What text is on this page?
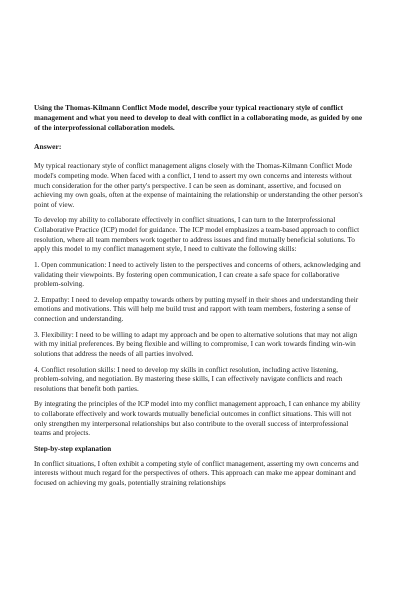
Using the Thomas-Kilmann Conflict Mode model, describe your typical reactionary style of conflict management and what you need to develop to deal with conflict in a collaborating mode, as guided by one of the interprofessional collaboration models.
Answer:

My typical reactionary style of conflict management aligns closely with the Thomas-Kilmann Conflict Mode model's competing mode. When faced with a conflict, I tend to assert my own concerns and interests without much consideration for the other party's perspective. I can be seen as dominant, assertive, and focused on achieving my own goals, often at the expense of maintaining the relationship or understanding the other person's point of view.

To develop my ability to collaborate effectively in conflict situations, I can turn to the Interprofessional Collaborative Practice (ICP) model for guidance. The ICP model emphasizes a team-based approach to conflict resolution, where all team members work together to address issues and find mutually beneficial solutions. To apply this model to my conflict management style, I need to cultivate the following skills:

1. Open communication: I need to actively listen to the perspectives and concerns of others, acknowledging and validating their viewpoints. By fostering open communication, I can create a safe space for collaborative problem-solving.

2. Empathy: I need to develop empathy towards others by putting myself in their shoes and understanding their emotions and motivations. This will help me build trust and rapport with team members, fostering a sense of connection and understanding.

3. Flexibility: I need to be willing to adapt my approach and be open to alternative solutions that may not align with my initial preferences. By being flexible and willing to compromise, I can work towards finding win-win solutions that address the needs of all parties involved.

4. Conflict resolution skills: I need to develop my skills in conflict resolution, including active listening, problem-solving, and negotiation. By mastering these skills, I can effectively navigate conflicts and reach resolutions that benefit both parties.

By integrating the principles of the ICP model into my conflict management approach, I can enhance my ability to collaborate effectively and work towards mutually beneficial outcomes in conflict situations. This will not only strengthen my interpersonal relationships but also contribute to the overall success of interprofessional teams and projects.

Step-by-step explanation

In conflict situations, I often exhibit a competing style of conflict management, asserting my own concerns and interests without much regard for the perspectives of others. This approach can make me appear dominant and focused on achieving my goals, potentially straining relationships
